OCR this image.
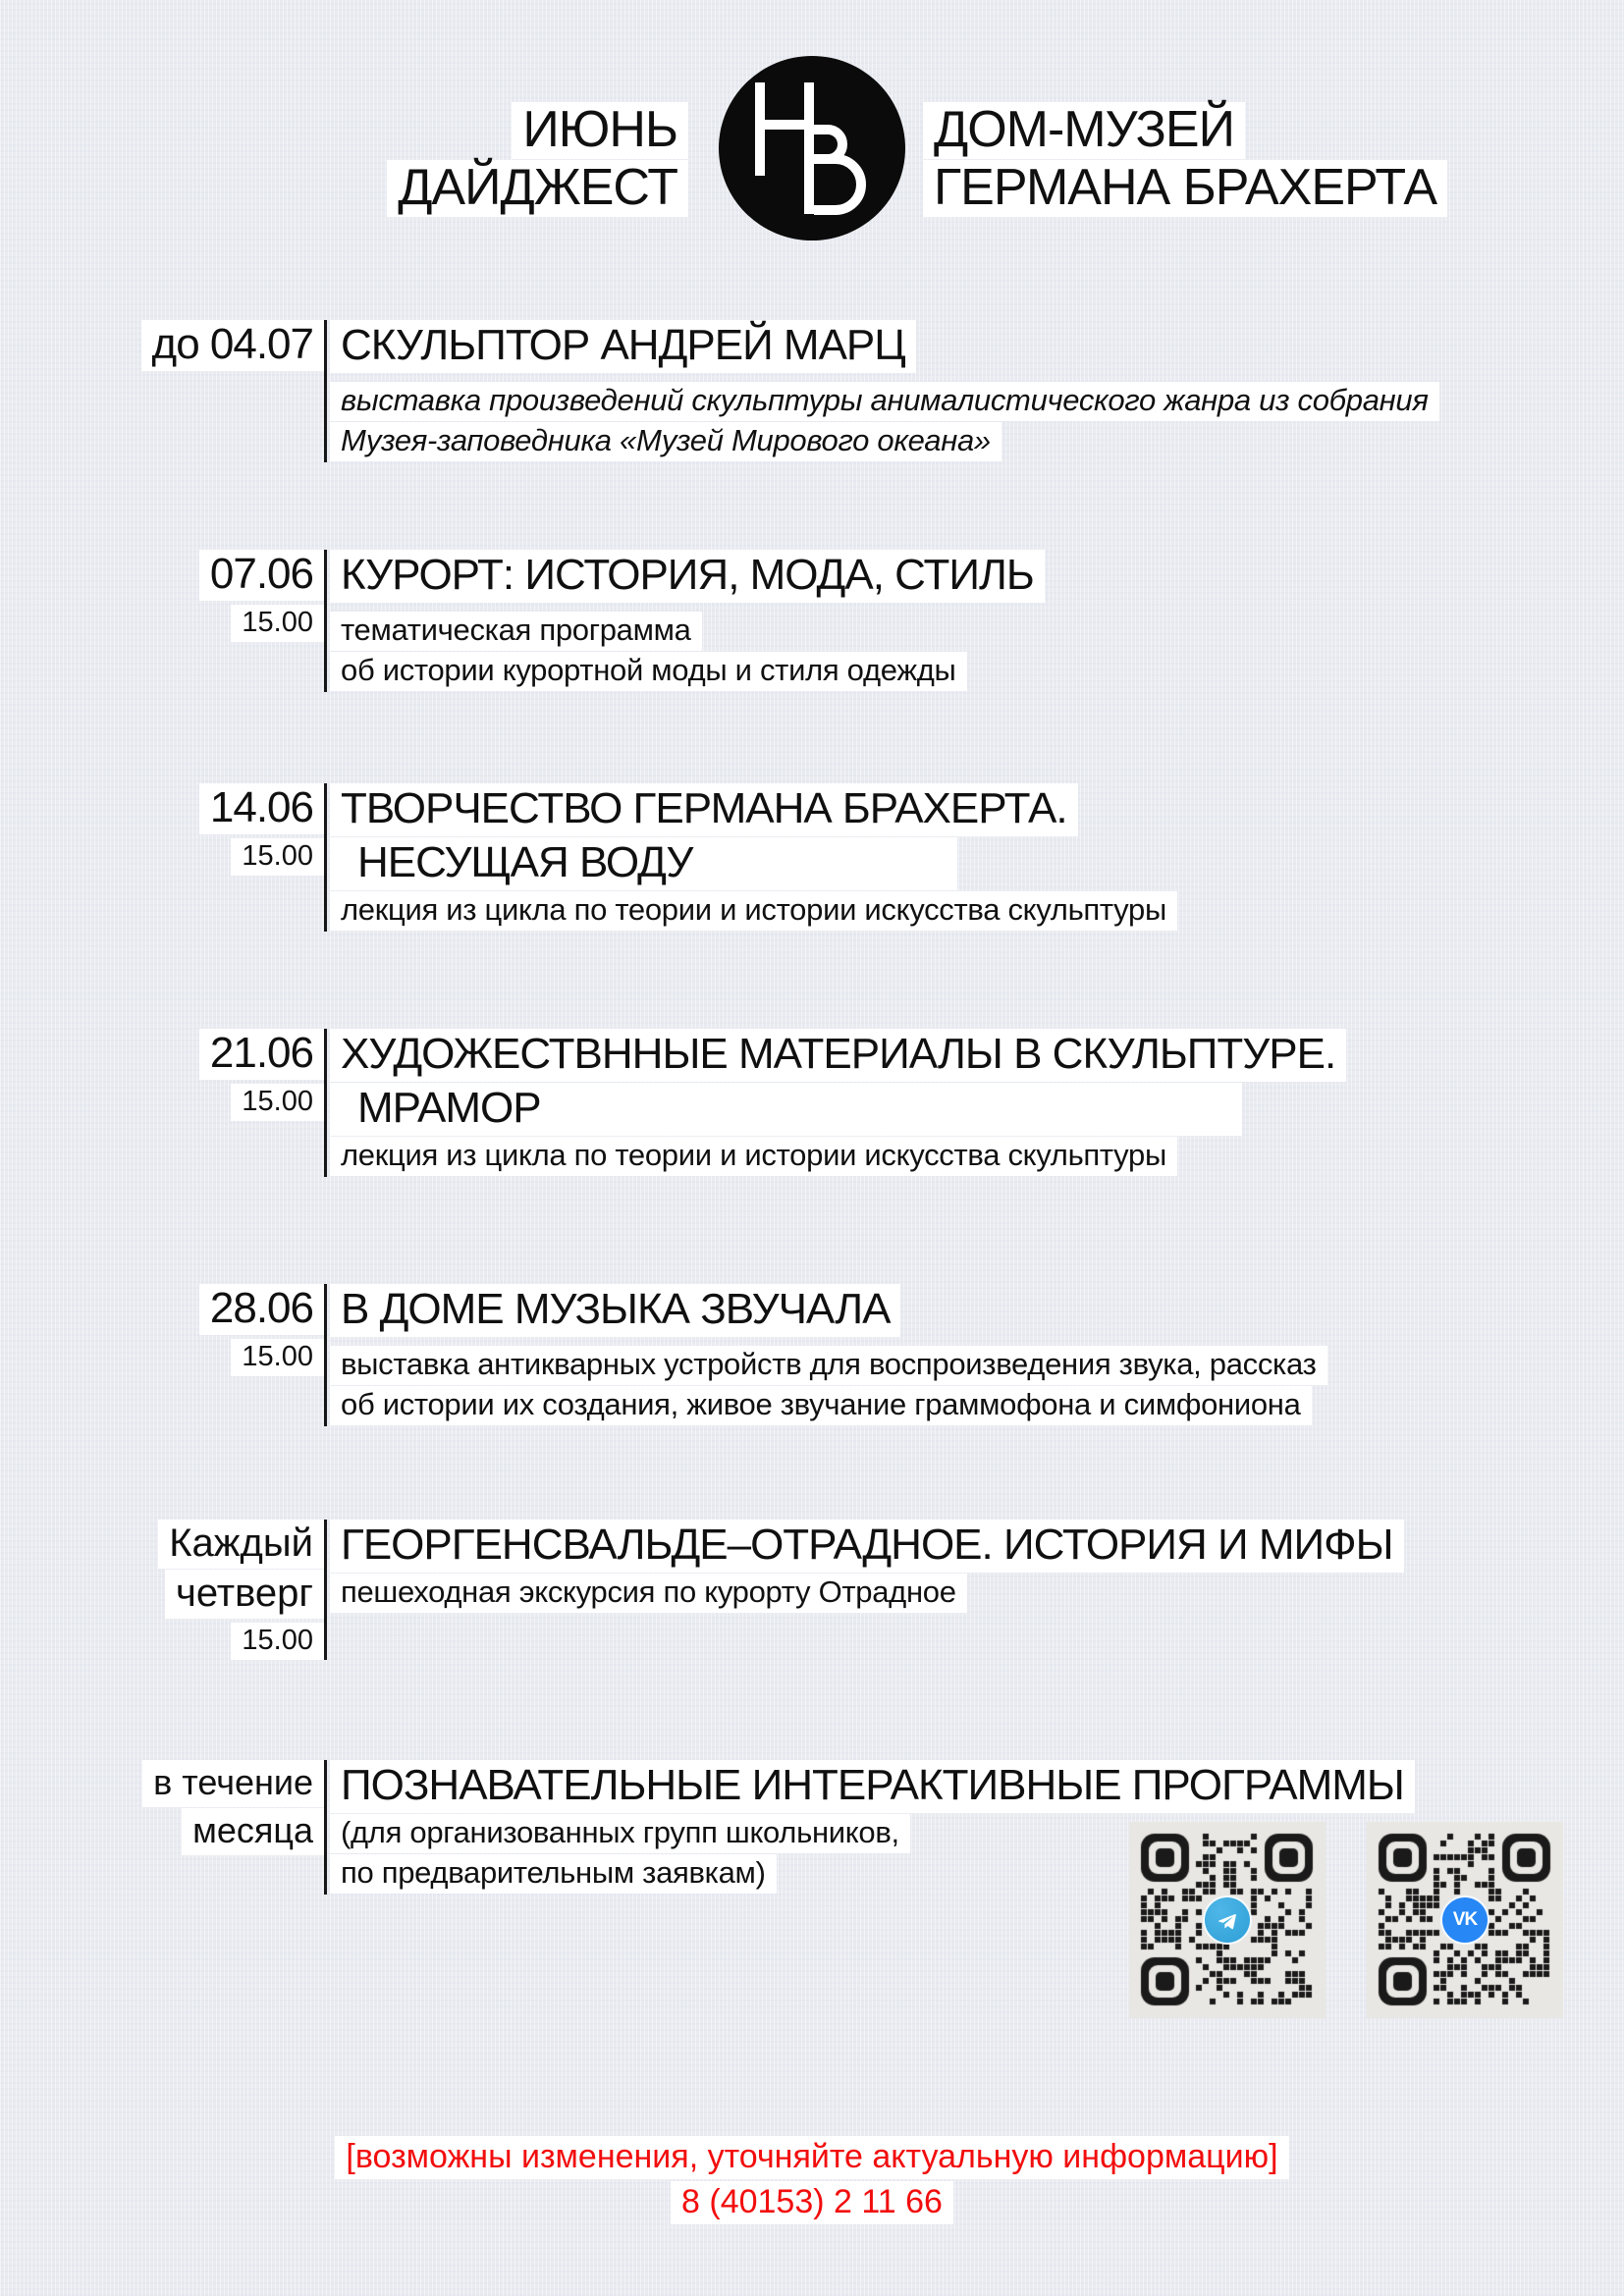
ИЮНЬ
ДАЙДЖЕСТ
ДОМ-МУЗЕЙ
ГЕРМАНА БРАХЕРТА
до 04.07 СКУЛЬПТОР АНДРЕЙ МАРЦ
выставка произведений скульптуры анималистического жанра из собрания
Музея-заповедника «Музей Мирового океана»
07.06
15.00
КУРОРТ: ИСТОРИЯ, МОДА, СТИЛЬ
тематическая программа
об истории курортной моды и стиля одежды
14.06
15.00
ТВОРЧЕСТВО ГЕРМАНА БРАХЕРТА.
НЕСУЩАЯ ВОДУ
лекция из цикла по теории и истории искусства скульптуры
21.06
15.00
ХУДОЖЕСТВННЫЕ МАТЕРИАЛЫ В СКУЛЬПТУРЕ.
МРАМОР
лекция из цикла по теории и истории искусства скульптуры
28.06
15.00
В ДОМЕ МУЗЫКА ЗВУЧАЛА
выставка антикварных устройств для воспроизведения звука, рассказ
об истории их создания, живое звучание граммофона и симфониона
Каждый
четверг
15.00
ГЕОРГЕНСВАЛЬДЕ–ОТРАДНОЕ. ИСТОРИЯ И МИФЫ
пешеходная экскурсия по курорту Отрадное
в течение
месяца
ПОЗНАВАТЕЛЬНЫЕ ИНТЕРАКТИВНЫЕ ПРОГРАММЫ
(для организованных групп школьников,
по предварительным заявкам)
VK
[возможны изменения, уточняйте актуальную информацию]
8 (40153) 2 11 66
